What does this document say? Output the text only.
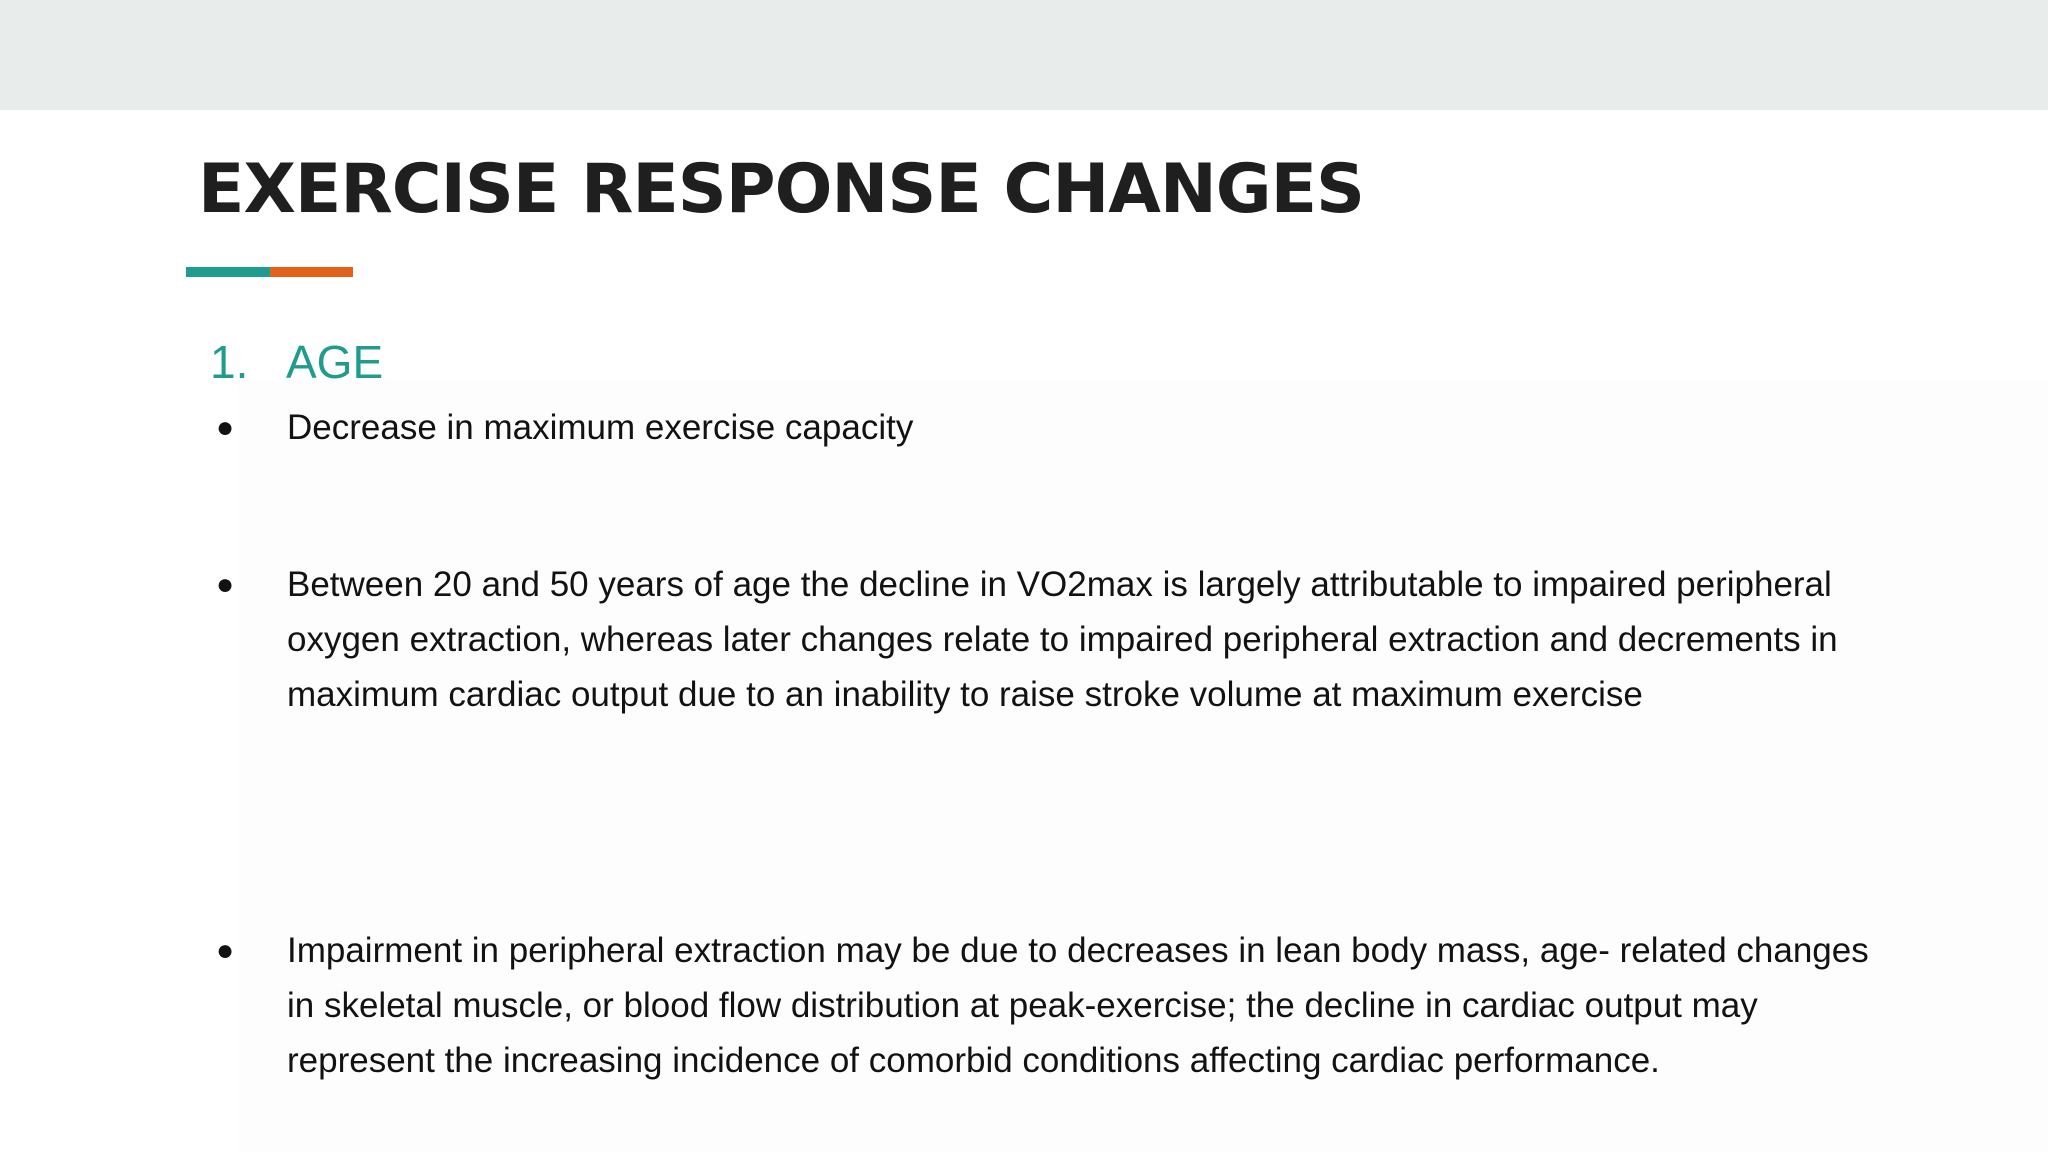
EXERCISE RESPONSE CHANGES
1. AGE
●	Decrease in maximum exercise capacity
●	Between 20 and 50 years of age the decline in VO2max is largely attributable to impaired peripheral oxygen extraction, whereas later changes relate to impaired peripheral extraction and decrements in maximum cardiac output due to an inability to raise stroke volume at maximum exercise
●	Impairment in peripheral extraction may be due to decreases in lean body mass, age- related changes in skeletal muscle, or blood flow distribution at peak-exercise; the decline in cardiac output may represent the increasing incidence of comorbid conditions affecting cardiac performance.
